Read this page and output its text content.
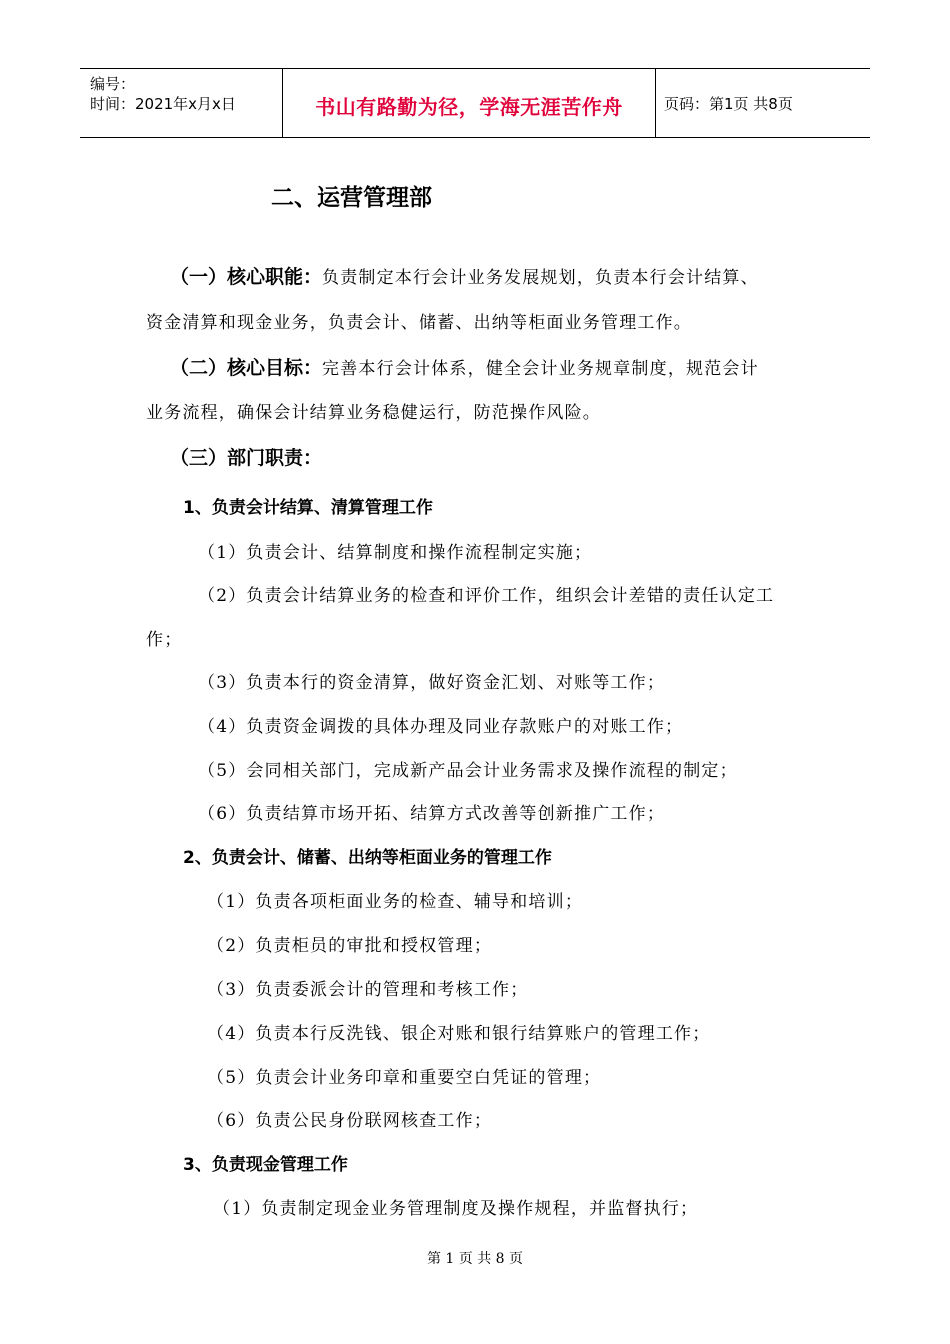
编号：
时间：2021年x月x日	书山有路勤为径，学海无涯苦作舟	页码：第1页 共8页
二、运营管理部
（一）核心职能：负责制定本行会计业务发展规划，负责本行会计结算、
资金清算和现金业务，负责会计、储蓄、出纳等柜面业务管理工作。
（二）核心目标：完善本行会计体系，健全会计业务规章制度，规范会计
业务流程，确保会计结算业务稳健运行，防范操作风险。
（三）部门职责：
1、负责会计结算、清算管理工作
（1）负责会计、结算制度和操作流程制定实施；
（2）负责会计结算业务的检查和评价工作，组织会计差错的责任认定工
作；
（3）负责本行的资金清算，做好资金汇划、对账等工作；
（4）负责资金调拨的具体办理及同业存款账户的对账工作；
（5）会同相关部门，完成新产品会计业务需求及操作流程的制定；
（6）负责结算市场开拓、结算方式改善等创新推广工作；
2、负责会计、储蓄、出纳等柜面业务的管理工作
（1）负责各项柜面业务的检查、辅导和培训；
（2）负责柜员的审批和授权管理；
（3）负责委派会计的管理和考核工作；
（4）负责本行反洗钱、银企对账和银行结算账户的管理工作；
（5）负责会计业务印章和重要空白凭证的管理；
（6）负责公民身份联网核查工作；
3、负责现金管理工作
（1）负责制定现金业务管理制度及操作规程，并监督执行；
第 1 页 共 8 页
